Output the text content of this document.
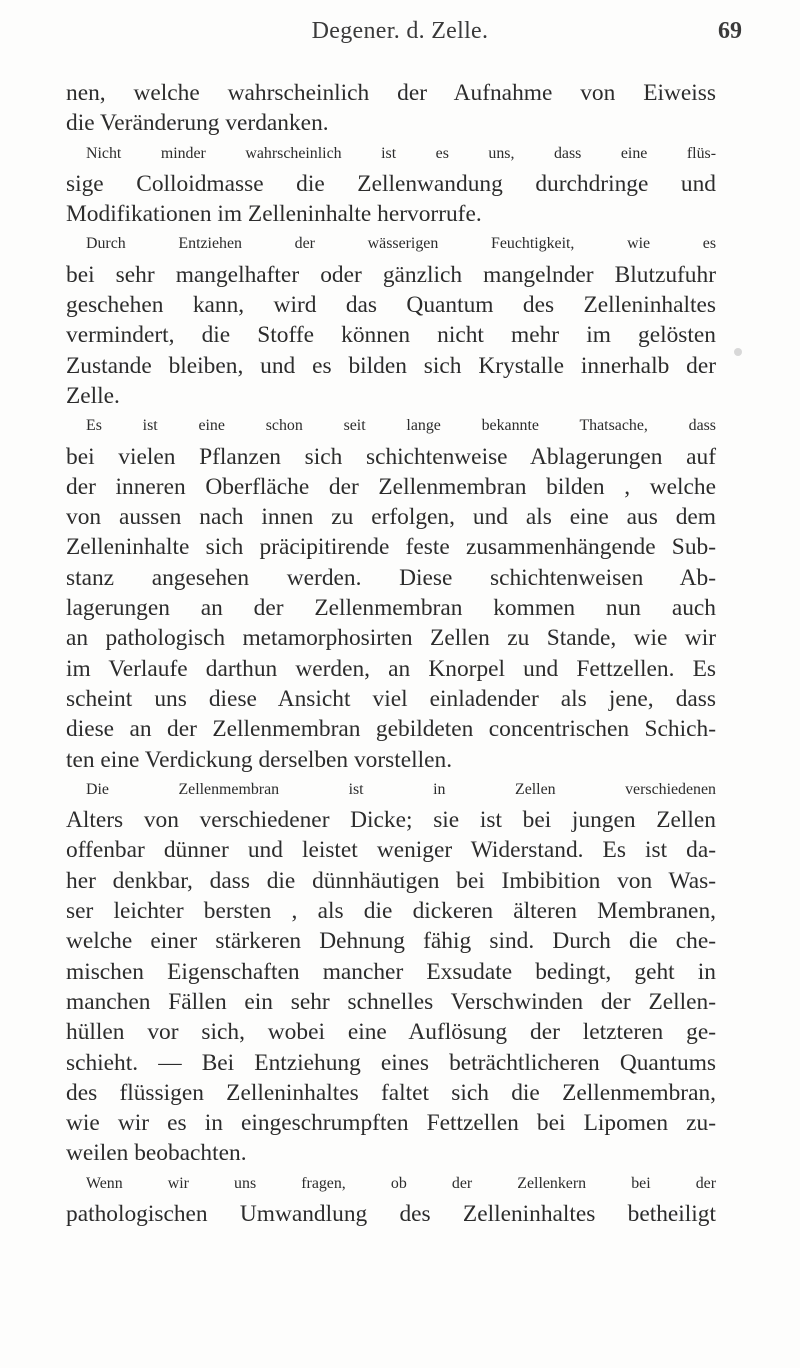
Degener. d. Zelle.	69
nen, welche wahrscheinlich der Aufnahme von Eiweiss
die Veränderung verdanken.
Nicht minder wahrscheinlich ist es uns, dass eine flüs-
sige Colloidmasse die Zellenwandung durchdringe und
Modifikationen im Zelleninhalte hervorrufe.
Durch Entziehen der wässerigen Feuchtigkeit, wie es
bei sehr mangelhafter oder gänzlich mangelnder Blutzufuhr
geschehen kann, wird das Quantum des Zelleninhaltes
vermindert, die Stoffe können nicht mehr im gelösten
Zustande bleiben, und es bilden sich Krystalle innerhalb der
Zelle.
Es ist eine schon seit lange bekannte Thatsache, dass
bei vielen Pflanzen sich schichtenweise Ablagerungen auf
der inneren Oberfläche der Zellenmembran bilden , welche
von aussen nach innen zu erfolgen, und als eine aus dem
Zelleninhalte sich präcipitirende feste zusammenhängende Sub-
stanz angesehen werden. Diese schichtenweisen Ab-
lagerungen an der Zellenmembran kommen nun auch
an pathologisch metamorphosirten Zellen zu Stande, wie wir
im Verlaufe darthun werden, an Knorpel und Fettzellen. Es
scheint uns diese Ansicht viel einladender als jene, dass
diese an der Zellenmembran gebildeten concentrischen Schich-
ten eine Verdickung derselben vorstellen.
Die Zellenmembran ist in Zellen verschiedenen
Alters von verschiedener Dicke; sie ist bei jungen Zellen
offenbar dünner und leistet weniger Widerstand. Es ist da-
her denkbar, dass die dünnhäutigen bei Imbibition von Was-
ser leichter bersten , als die dickeren älteren Membranen,
welche einer stärkeren Dehnung fähig sind. Durch die che-
mischen Eigenschaften mancher Exsudate bedingt, geht in
manchen Fällen ein sehr schnelles Verschwinden der Zellen-
hüllen vor sich, wobei eine Auflösung der letzteren ge-
schieht. — Bei Entziehung eines beträchtlicheren Quantums
des flüssigen Zelleninhaltes faltet sich die Zellenmembran,
wie wir es in eingeschrumpften Fettzellen bei Lipomen zu-
weilen beobachten.
Wenn wir uns fragen, ob der Zellenkern bei der
pathologischen Umwandlung des Zelleninhaltes betheiligt
